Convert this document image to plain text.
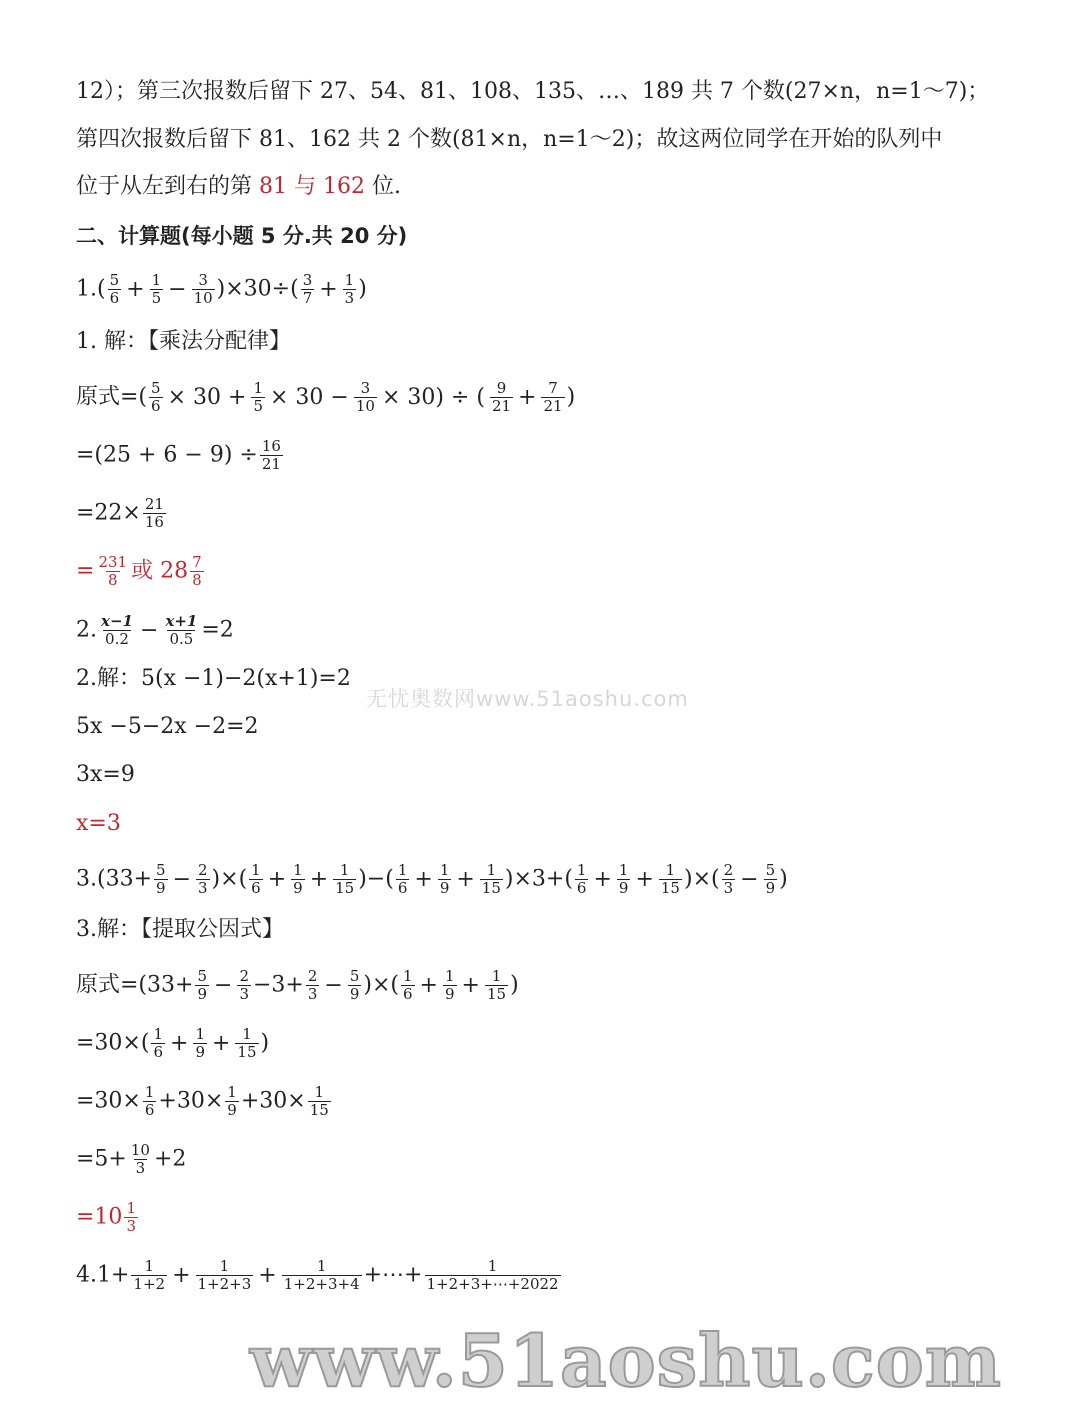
12）；第三次报数后留下 27、54、81、108、135、…、189 共 7 个数(27×n，n=1～7)；
第四次报数后留下 81、162 共 2 个数(81×n，n=1～2)；故这两位同学在开始的队列中
位于从左到右的第 81 与 162 位.
二、计算题(每小题 5 分.共 20 分)
$1.( \frac{5}{6} + \frac{1}{5} - \frac{3}{10} )\times 30\div( \frac{3}{7} + \frac{1}{3}$ )
1. 解：【乘法分配律】
原式=( $\frac{5}{6} \times 30 + \frac{1}{5} \times 30 - \frac{3}{10} \times 30$) ÷ ( $\frac{9}{21} + \frac{7}{21}$ )
$=(25 + 6 - 9) \div \frac{16}{21}$
$=22\times \frac{21}{16}$
= $\frac{231}{8}$ 或 $28 \frac{7}{8}$
2. $\frac{x-1}{0.2} - \frac{x+1}{0.5} =2$
2.解：5(x −1)−2(x+1)=2
5x −5−2x −2=2
3x=9
x=3
无忧奥数网www.51aoshu.com
$3.(33+ \frac{5}{9} - \frac{2}{3}$ )×( $\frac{1}{6} + \frac{1}{9} + \frac{1}{15}$ )−( $\frac{1}{6} + \frac{1}{9} + \frac{1}{15} )\times 3+( \frac{1}{6} + \frac{1}{9} + \frac{1}{15}$ )×( $\frac{2}{3} - \frac{5}{9}$ )
3.解：【提取公因式】
原式$=(33+ \frac{5}{9} - \frac{2}{3} -3+ \frac{2}{3} - \frac{5}{9}$ )×( $\frac{1}{6} + \frac{1}{9} + \frac{1}{15}$ )
$=30\times( \frac{1}{6} + \frac{1}{9} + \frac{1}{15}$ )
$=30\times \frac{1}{6} +30\times \frac{1}{9} +30\times \frac{1}{15}$
$=5+ \frac{10}{3} +2$
$=10 \frac{1}{3}$
$4.1+ \frac{1}{1+2} + \frac{1}{1+2+3} + \frac{1}{1+2+3+4}$ +⋯+ $\frac{1}{1+2+3+\cdots+2022}$
www.51aoshu.com
